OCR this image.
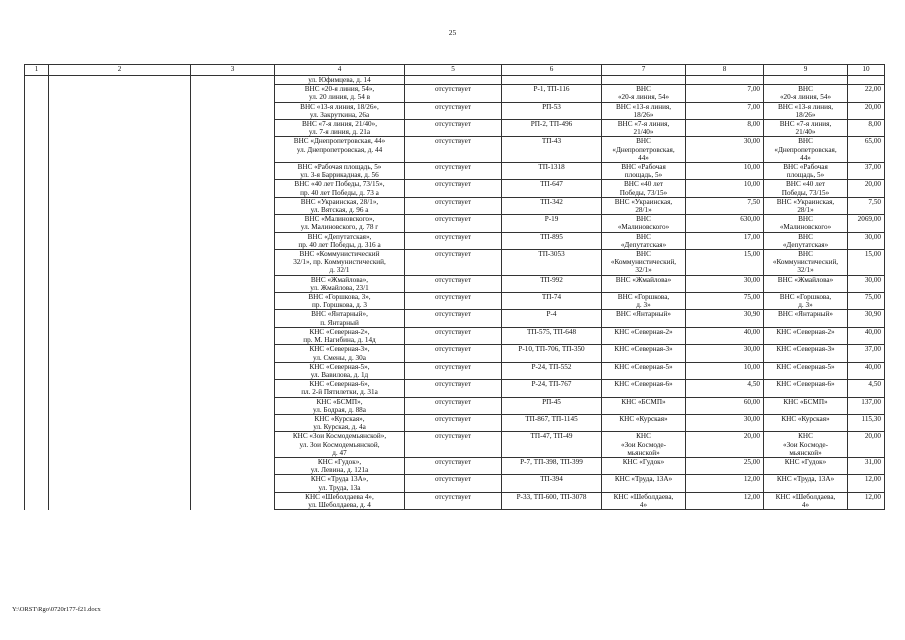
25
1	2	3	4	5	6	7	8	9	10
			ул. Юфимцева, д. 14						
			ВНС «20-я линия, 54»,
ул. 20 линия, д. 54 в	отсутствует	Р-1, ТП-116	ВНС
«20-я линия, 54»	7,00	ВНС
«20-я линия, 54»	22,00
			ВНС «13-я линия, 18/26»,
ул. Закруткина, 26а	отсутствует	РП-53	ВНС «13-я линия,
18/26»	7,00	ВНС «13-я линия,
18/26»	20,00
			ВНС «7-я линия, 21/40»,
ул. 7-я линия, д. 21а	отсутствует	РП-2, ТП-496	ВНС «7-я линия,
21/40»	8,00	ВНС «7-я линия,
21/40»	8,00
			ВНС «Днепропетровская, 44»
ул. Днепропетровская, д. 44	отсутствует	ТП-43	ВНС
«Днепропетровская,
44»	30,00	ВНС
«Днепропетровская,
44»	65,00
			ВНС «Рабочая площадь, 5»
ул. 3-я Баррикадная, д. 56	отсутствует	ТП-1318	ВНС «Рабочая
площадь, 5»	10,00	ВНС «Рабочая
площадь, 5»	37,00
			ВНС «40 лет Победы, 73/15»,
пр. 40 лет Победы, д. 73 а	отсутствует	ТП-647	ВНС «40 лет
Победы, 73/15»	10,00	ВНС «40 лет
Победы, 73/15»	20,00
			ВНС «Украинская, 28/1»,
ул. Вятская, д. 96 а	отсутствует	ТП-342	ВНС «Украинская,
28/1»	7,50	ВНС «Украинская,
28/1»	7,50
			ВНС «Малиновского»,
ул. Малиновского, д. 78 г	отсутствует	Р-19	ВНС
«Малиновского»	630,00	ВНС
«Малиновского»	2069,00
			ВНС «Депутатская»,
пр. 40 лет Победы, д. 316 а	отсутствует	ТП-895	ВНС
«Депутатская»	17,00	ВНС
«Депутатская»	30,00
			ВНС «Коммунистический
32/1», пр. Коммунистический,
д. 32/1	отсутствует	ТП-3053	ВНС
«Коммунистический,
32/1»	15,00	ВНС
«Коммунистический,
32/1»	15,00
			ВНС «Жмайлова»,
ул. Жмайлова, 23/1	отсутствует	ТП-992	ВНС «Жмайлова»	30,00	ВНС «Жмайлова»	30,00
			ВНС «Горшкова, 3»,
пр. Горшкова, д. 3	отсутствует	ТП-74	ВНС «Горшкова,
д. 3»	75,00	ВНС «Горшкова,
д. 3»	75,00
			ВНС «Янтарный»,
п. Янтарный	отсутствует	Р-4	ВНС «Янтарный»	30,90	ВНС «Янтарный»	30,90
			КНС «Северная-2»,
пр. М. Нагибина, д. 14д	отсутствует	ТП-575, ТП-648	КНС «Северная-2»	40,00	КНС «Северная-2»	40,00
			КНС «Северная-3»,
ул. Смены, д. 30а	отсутствует	Р-10, ТП-706, ТП-350	КНС «Северная-3»	30,00	КНС «Северная-3»	37,00
			КНС «Северная-5»,
ул. Вавилова, д. 1д	отсутствует	Р-24, ТП-552	КНС «Северная-5»	10,00	КНС «Северная-5»	40,00
			КНС «Северная-6»,
пл. 2-й Пятилетки, д. 31а	отсутствует	Р-24, ТП-767	КНС «Северная-6»	4,50	КНС «Северная-6»	4,50
			КНС «БСМП»,
ул. Бодрая, д. 88а	отсутствует	РП-45	КНС «БСМП»	60,00	КНС «БСМП»	137,00
			КНС «Курская»,
ул. Курская, д. 4а	отсутствует	ТП-867, ТП-1145	КНС «Курская»	30,00	КНС «Курская»	115,30
			КНС «Зои Космодемьянской»,
ул. Зои Космодемьянской,
д. 47	отсутствует	ТП-47, ТП-49	КНС
«Зои Космоде-
мьянской»	20,00	КНС
«Зои Космоде-
мьянской»	20,00
			КНС «Гудок»,
ул. Левина, д. 121а	отсутствует	Р-7, ТП-398, ТП-399	КНС «Гудок»	25,00	КНС «Гудок»	31,00
			КНС «Труда 13А»,
ул. Труда, 13а	отсутствует	ТП-394	КНС «Труда, 13А»	12,00	КНС «Труда, 13А»	12,00
			КНС «Шеболдаева 4»,
ул. Шеболдаева, д. 4	отсутствует	Р-33, ТП-600, ТП-3078	КНС «Шеболдаева,
4»	12,00	КНС «Шеболдаева,
4»	12,00
Y:\ORST\Rgo\0720r177-f21.docx
